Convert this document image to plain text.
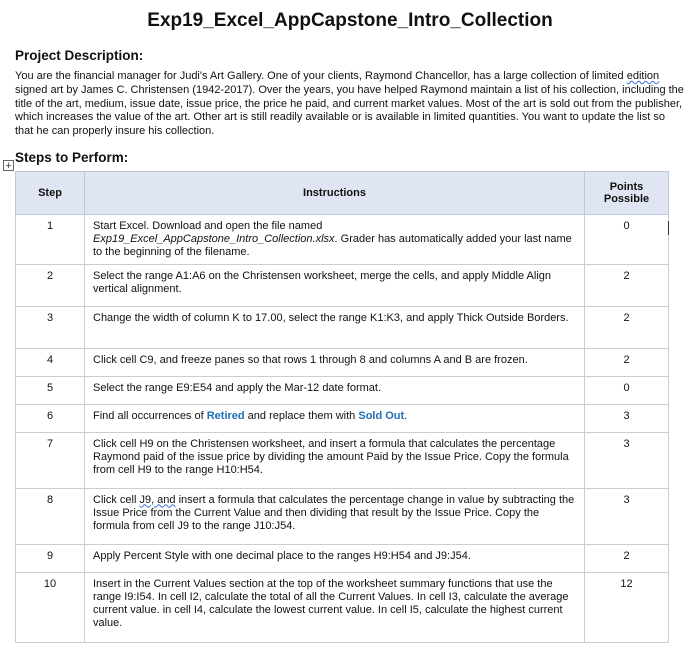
Exp19_Excel_AppCapstone_Intro_Collection
Project Description:
You are the financial manager for Judi's Art Gallery. One of your clients, Raymond Chancellor, has a large collection of limited edition signed art by James C. Christensen (1942-2017). Over the years, you have helped Raymond maintain a list of his collection, including the title of the art, medium, issue date, issue price, the price he paid, and current market values. Most of the art is sold out from the publisher, which increases the value of the art. Other art is still readily available or is available in limited quantities. You want to update the list so that he can properly insure his collection.
+
Steps to Perform:
Step	Instructions	Points
Possible
1	Start Excel. Download and open the file named
Exp19_Excel_AppCapstone_Intro_Collection.xlsx. Grader has automatically added your last name to the beginning of the filename.	0
2	Select the range A1:A6 on the Christensen worksheet, merge the cells, and apply Middle Align vertical alignment.	2
3	Change the width of column K to 17.00, select the range K1:K3, and apply Thick Outside Borders.	2
4	Click cell C9, and freeze panes so that rows 1 through 8 and columns A and B are frozen.	2
5	Select the range E9:E54 and apply the Mar-12 date format.	0
6	Find all occurrences of Retired and replace them with Sold Out.	3
7	Click cell H9 on the Christensen worksheet, and insert a formula that calculates the percentage Raymond paid of the issue price by dividing the amount Paid by the Issue Price. Copy the formula from cell H9 to the range H10:H54.	3
8	Click cell J9, and insert a formula that calculates the percentage change in value by subtracting the Issue Price from the Current Value and then dividing that result by the Issue Price. Copy the formula from cell J9 to the range J10:J54.	3
9	Apply Percent Style with one decimal place to the ranges H9:H54 and J9:J54.	2
10	Insert in the Current Values section at the top of the worksheet summary functions that use the range I9:I54. In cell I2, calculate the total of all the Current Values. In cell I3, calculate the average current value. in cell I4, calculate the lowest current value. In cell I5, calculate the highest current value.	12
